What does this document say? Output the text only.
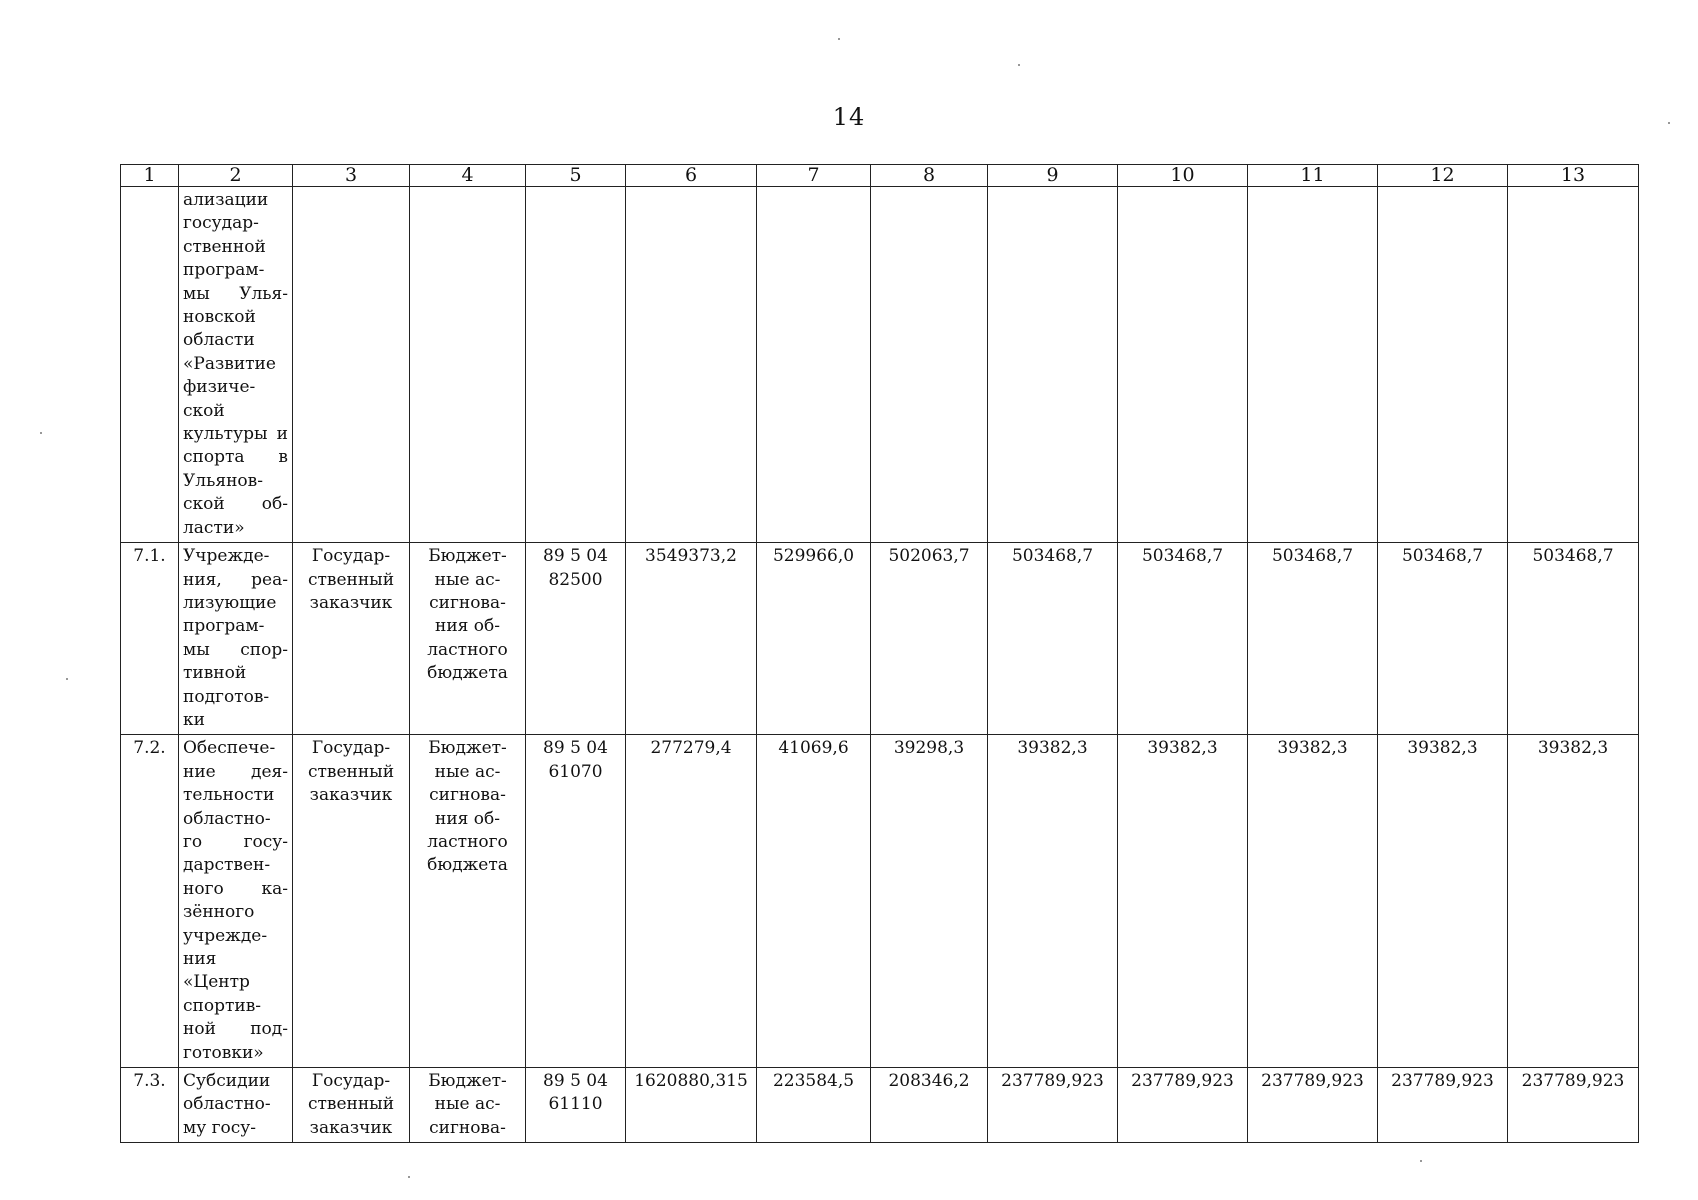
14
1	2	3	4	5	6	7	8	9	10	11	12	13
	ализации государ-ственной програм-мы Улья-новской области «Развитие физиче-ской культуры и спорта в Ульянов-ской об-ласти»											
7.1.	Учрежде-ния, реа-лизующие програм-мы спор-тивной подготов-ки	Государ-ственный заказчик	Бюджет-ные ас-сигнова-ния об-ластного бюджета	89 5 04 82500	3549373,2	529966,0	502063,7	503468,7	503468,7	503468,7	503468,7	503468,7
7.2.	Обеспече-ние дея-тельности областно-го госу-дарствен-ного ка-зённого учрежде-ния «Центр спортив-ной под-готовки»	Государ-ственный заказчик	Бюджет-ные ас-сигнова-ния об-ластного бюджета	89 5 04 61070	277279,4	41069,6	39298,3	39382,3	39382,3	39382,3	39382,3	39382,3
7.3.	Субсидии областно-му госу-	Государ-ственный заказчик	Бюджет-ные ас-сигнова-	89 5 04 61110	1620880,315	223584,5	208346,2	237789,923	237789,923	237789,923	237789,923	237789,923
